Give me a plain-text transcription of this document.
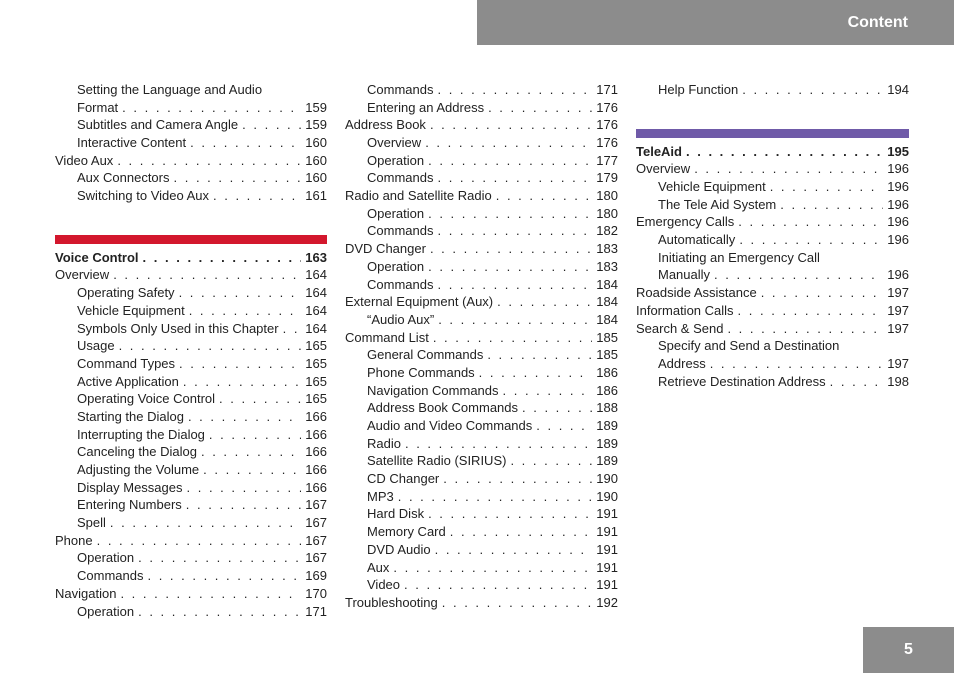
Content
Setting the Language and Audio
Format . . .	159
Subtitles and Camera Angle . . .	159
Interactive Content . . .	160
Video Aux . . .	160
Aux Connectors . . .	160
Switching to Video Aux . . .	161
Voice Control . . .	163
Overview . . .	164
Operating Safety . . .	164
Vehicle Equipment . . .	164
Symbols Only Used in this Chapter . . . 164
Usage . . .	165
Command Types . . .	165
Active Application . . .	165
Operating Voice Control . . .	165
Starting the Dialog . . .	166
Interrupting the Dialog . . .	166
Canceling the Dialog . . .	166
Adjusting the Volume . . .	166
Display Messages . . .	166
Entering Numbers . . .	167
Spell . . .	167
Phone . . .	167
Operation . . .	167
Commands . . .	169
Navigation . . .	170
Operation . . .	171
Commands . . .	171
Entering an Address . . .	176
Address Book . . .	176
Overview . . .	176
Operation . . .	177
Commands . . .	179
Radio and Satellite Radio . . .	180
Operation . . .	180
Commands . . .	182
DVD Changer . . .	183
Operation . . .	183
Commands . . .	184
External Equipment (Aux) . . .	184
“Audio Aux” . . .	184
Command List . . .	185
General Commands . . .	185
Phone Commands . . .	186
Navigation Commands . . .	186
Address Book Commands . . .	188
Audio and Video Commands . . .	189
Radio . . .	189
Satellite Radio (SIRIUS) . . .	189
CD Changer . . .	190
MP3 . . .	190
Hard Disk . . .	191
Memory Card . . .	191
DVD Audio . . .	191
Aux . . .	191
Video . . .	191
Troubleshooting . . .	192
Help Function . . .	194
TeleAid . . .	195
Overview . . .	196
Vehicle Equipment . . .	196
The Tele Aid System . . .	196
Emergency Calls . . .	196
Automatically . . .	196
Initiating an Emergency Call
Manually . . .	196
Roadside Assistance . . .	197
Information Calls . . .	197
Search & Send . . .	197
Specify and Send a Destination
Address . . .	197
Retrieve Destination Address . . .	198
5
